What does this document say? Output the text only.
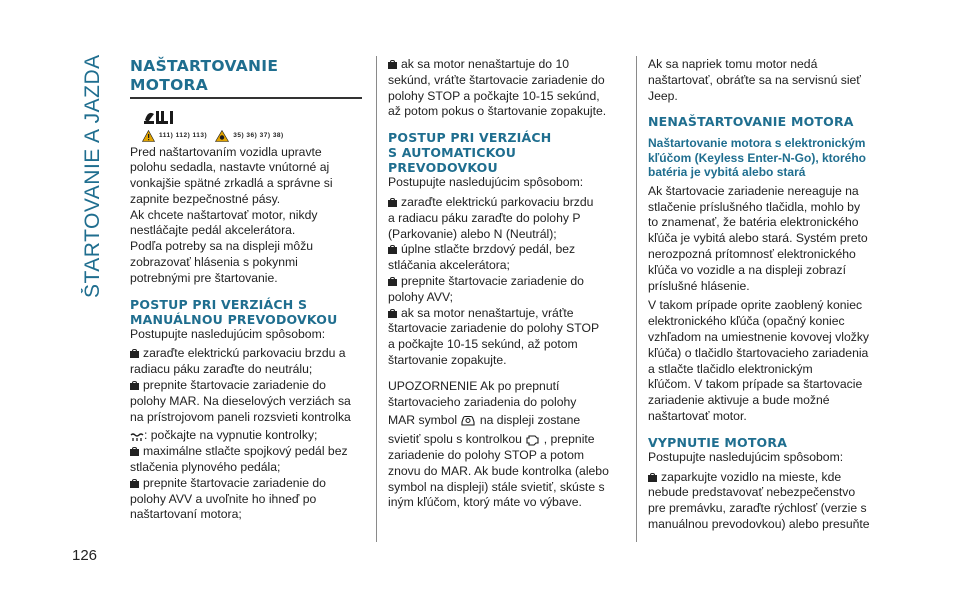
ŠTARTOVANIE A JAZDA
126
NAŠTARTOVANIE
MOTORA
111) 112) 113)	35) 36) 37) 38)

Pred naštartovaním vozidla upravte

polohu sedadla, nastavte vnútorné aj

vonkajšie spätné zrkadlá a správne si

zapnite bezpečnostné pásy.

Ak chcete naštartovať motor, nikdy

nestláčajte pedál akcelerátora.

Podľa potreby sa na displeji môžu

zobrazovať hlásenia s pokynmi

potrebnými pre štartovanie.

POSTUP PRI VERZIÁCH S
MANUÁLNOU PREVODOVKOU

Postupujte nasledujúcim spôsobom:

zaraďte elektrickú parkovaciu brzdu a

radiacu páku zaraďte do neutrálu;

prepnite štartovacie zariadenie do

polohy MAR. Na dieselových verziách sa

na prístrojovom paneli rozsvieti kontrolka

: počkajte na vypnutie kontrolky;

maximálne stlačte spojkový pedál bez

stlačenia plynového pedála;

prepnite štartovacie zariadenie do

polohy AVV a uvoľnite ho ihneď po

naštartovaní motora;

ak sa motor nenaštartuje do 10

sekúnd, vráťte štartovacie zariadenie do

polohy STOP a počkajte 10-15 sekúnd,

až potom pokus o štartovanie zopakujte.

POSTUP PRI VERZIÁCH
S AUTOMATICKOU
PREVODOVKOU

Postupujte nasledujúcim spôsobom:

zaraďte elektrickú parkovaciu brzdu

a radiacu páku zaraďte do polohy P

(Parkovanie) alebo N (Neutrál);

úplne stlačte brzdový pedál, bez

stláčania akcelerátora;

prepnite štartovacie zariadenie do

polohy AVV;

ak sa motor nenaštartuje, vráťte

štartovacie zariadenie do polohy STOP

a počkajte 10-15 sekúnd, až potom

štartovanie zopakujte.

UPOZORNENIE Ak po prepnutí

štartovacieho zariadenia do polohy

MAR symbol na displeji zostane

svietiť spolu s kontrolkou , prepnite

zariadenie do polohy STOP a potom

znovu do MAR. Ak bude kontrolka (alebo

symbol na displeji) stále svietiť, skúste s

iným kľúčom, ktorý máte vo výbave.

Ak sa napriek tomu motor nedá

naštartovať, obráťte sa na servisnú sieť

Jeep.

NENAŠTARTOVANIE MOTORA
Naštartovanie motora s elektronickým
kľúčom (Keyless Enter-N-Go), ktorého
batéria je vybitá alebo stará

Ak štartovacie zariadenie nereaguje na

stlačenie príslušného tlačidla, mohlo by

to znamenať, že batéria elektronického

kľúča je vybitá alebo stará. Systém preto

nerozpozná prítomnosť elektronického

kľúča vo vozidle a na displeji zobrazí

príslušné hlásenie.

V takom prípade oprite zaoblený koniec

elektronického kľúča (opačný koniec

vzhľadom na umiestnenie kovovej vložky

kľúča) o tlačidlo štartovacieho zariadenia

a stlačte tlačidlo elektronickým

kľúčom. V takom prípade sa štartovacie

zariadenie aktivuje a bude možné

naštartovať motor.

VYPNUTIE MOTORA

Postupujte nasledujúcim spôsobom:

zaparkujte vozidlo na mieste, kde

nebude predstavovať nebezpečenstvo

pre premávku, zaraďte rýchlosť (verzie s

manuálnou prevodovkou) alebo presuňte
